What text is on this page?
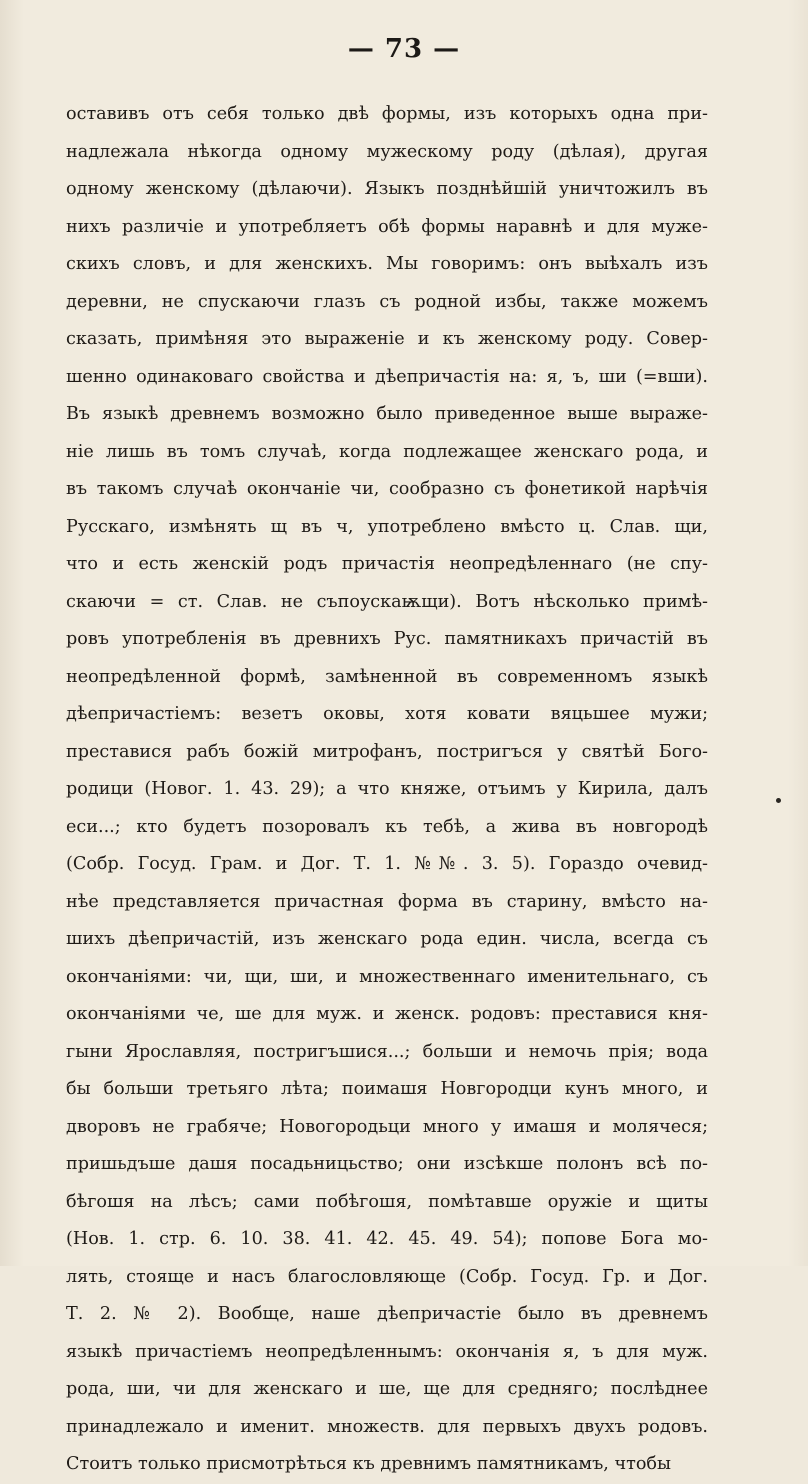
— 73 —
оставивъ отъ себя только двѣ формы, изъ которыхъ одна при-
надлежала нѣкогда одному мужескому роду (дѣлая), другая
одному женскому (дѣлаючи). Языкъ позднѣйшій уничтожилъ въ
нихъ различіе и употребляетъ обѣ формы наравнѣ и для муже-
скихъ словъ, и для женскихъ. Мы говоримъ: онъ выѣхалъ изъ
деревни, не спускаючи глазъ съ родной избы, также можемъ
сказать, примѣняя это выраженіе и къ женскому роду. Совер-
шенно одинаковаго свойства и дѣепричастія на: я, ъ, ши (=вши).
Въ языкѣ древнемъ возможно было приведенное выше выраже-
ніе лишь въ томъ случаѣ, когда подлежащее женскаго рода, и
въ такомъ случаѣ окончаніе чи, сообразно съ фонетикой нарѣчія
Русскаго, измѣнять щ въ ч, употреблено вмѣсто ц. Слав. щи,
что и есть женскій родъ причастія неопредѣленнаго (не спу-
скаючи = ст. Слав. не съпоускаѭщи). Вотъ нѣсколько примѣ-
ровъ употребленія въ древнихъ Рус. памятникахъ причастій въ
неопредѣленной формѣ, замѣненной въ современномъ языкѣ
дѣепричастіемъ: везетъ оковы, хотя ковати вяцьшее мужи;
преставися рабъ божій митрофанъ, постригъся у святѣй Бого-
родици (Новог. 1. 43. 29); а что княже, отъимъ у Кирила, далъ
еси...; кто будетъ позоровалъ къ тебѣ, а жива въ новгородѣ
(Собр. Госуд. Грам. и Дог. Т. 1. №№. 3. 5). Гораздо очевид-
нѣе представляется причастная форма въ старину, вмѣсто на-
шихъ дѣепричастій, изъ женскаго рода един. числа, всегда съ
окончаніями: чи, щи, ши, и множественнаго именительнаго, съ
окончаніями че, ше для муж. и женск. родовъ: преставися кня-
гыни Ярославляя, постригъшися...; больши и немочь прія; вода
бы больши третьяго лѣта; поимашя Новгородци кунъ много, и
дворовъ не грабяче; Новогородьци много у имашя и молячеся;
пришьдъше дашя посадьницьство; они изсѣкше полонъ всѣ по-
бѣгошя на лѣсъ; сами побѣгошя, помѣтавше оружіе и щиты
(Нов. 1. стр. 6. 10. 38. 41. 42. 45. 49. 54); попове Бога мо-
лять, стояще и насъ благословляюще (Собр. Госуд. Гр. и Дог.
Т. 2. № 2). Вообще, наше дѣепричастіе было въ древнемъ
языкѣ причастіемъ неопредѣленнымъ: окончанія я, ъ для муж.
рода, ши, чи для женскаго и ше, ще для средняго; послѣднее
принадлежало и именит. множеств. для первыхъ двухъ родовъ.
Стоитъ только присмотрѣться къ древнимъ памятникамъ, чтобы
